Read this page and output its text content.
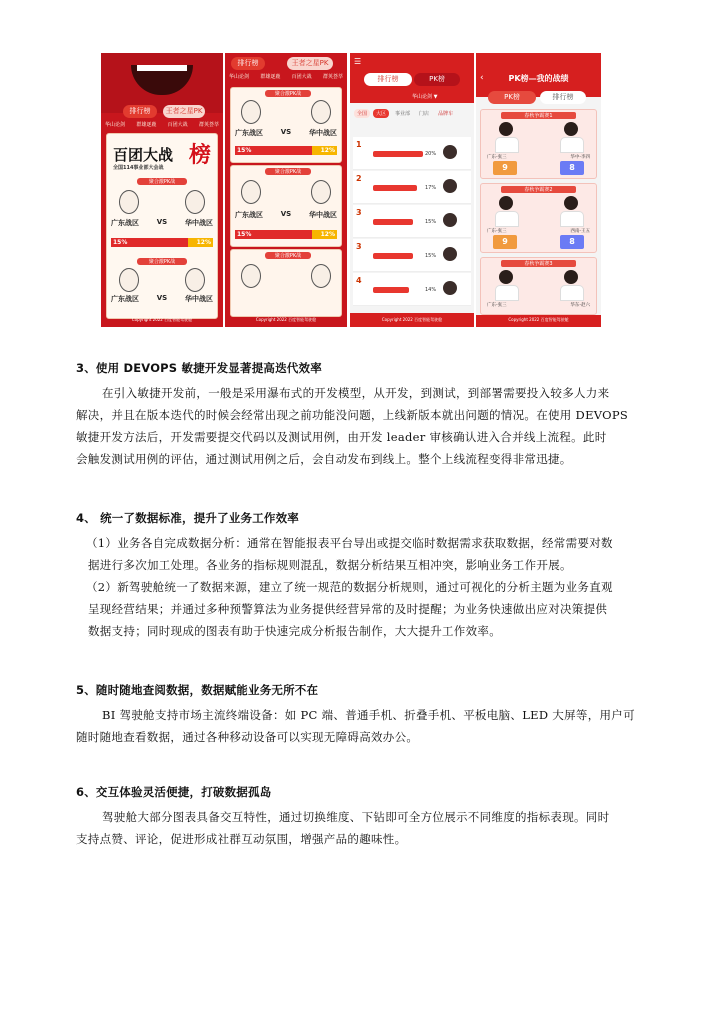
排行榜	王者之星PK
华山论剑 群雄逐鹿 百团大战 群英荟萃
百团大战 榜
全国114事业部大会战
聚合激PK战
广东战区	VS	华中战区
15%	12%
聚合激PK战
广东战区	VS	华中战区
Copyright 2022 百度智能驾驶舱
排行榜	王者之星PK
华山论剑 群雄逐鹿 百团大战 群英荟萃
聚合激PK战
广东战区	VS	华中战区
15%	12%
聚合激PK战
广东战区	VS	华中战区
15%	12%
聚合激PK战
Copyright 2022 百度智能驾驶舱
☰
排行榜	PK榜
华山论剑 ▼
全国	大区	事业部	门店	品牌车
1
20%
2
17%
3
15%
3
15%
4
14%
Copyright 2022 百度智能驾驶舱
‹	PK榜—我的战绩
PK榜	排行榜
春秋争霸赛1
广东-张三	华中-李四
9	8
春秋争霸赛2
广东-张三	西南-王五
9	8
春秋争霸赛3
广东-张三	华东-赵六
Copyright 2022 百度智能驾驶舱
3、使用 DEVOPS 敏捷开发显著提高迭代效率
在引入敏捷开发前，一般是采用瀑布式的开发模型，从开发，到测试，到部署需要投入较多人力来
解决，并且在版本迭代的时候会经常出现之前功能没问题，上线新版本就出问题的情况。在使用 DEVOPS
敏捷开发方法后，开发需要提交代码以及测试用例，由开发 leader 审核确认进入合并线上流程。此时
会触发测试用例的评估，通过测试用例之后，会自动发布到线上。整个上线流程变得非常迅捷。
4、 统一了数据标准，提升了业务工作效率
（1）业务各自完成数据分析：通常在智能报表平台导出或提交临时数据需求获取数据，经常需要对数
据进行多次加工处理。各业务的指标规则混乱，数据分析结果互相冲突，影响业务工作开展。
（2）新驾驶舱统一了数据来源，建立了统一规范的数据分析规则，通过可视化的分析主题为业务直观
呈现经营结果；并通过多种预警算法为业务提供经营异常的及时提醒；为业务快速做出应对决策提供
数据支持；同时现成的图表有助于快速完成分析报告制作，大大提升工作效率。
5、随时随地查阅数据，数据赋能业务无所不在
BI 驾驶舱支持市场主流终端设备：如 PC 端、普通手机、折叠手机、平板电脑、LED 大屏等，用户可
随时随地查看数据，通过各种移动设备可以实现无障碍高效办公。
6、交互体验灵活便捷，打破数据孤岛
驾驶舱大部分图表具备交互特性，通过切换维度、下钻即可全方位展示不同维度的指标表现。同时
支持点赞、评论，促进形成社群互动氛围，增强产品的趣味性。
